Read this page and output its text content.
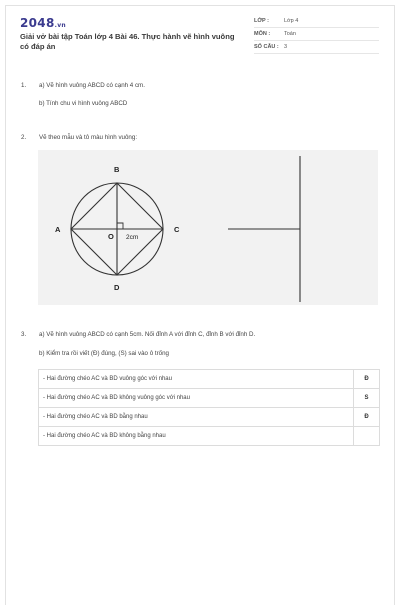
2048.vn
Giải vở bài tập Toán lớp 4 Bài 46. Thực hành vẽ hình vuông có đáp án
LỚP :	Lớp 4
MÔN :	Toán
SỐ CÂU : 3
1. a) Vẽ hình vuông ABCD có cạnh 4 cm.
b) Tính chu vi hình vuông ABCD
2. Vẽ theo mẫu và tô màu hình vuông:
B
A	C
D
O 2cm
3. a) Vẽ hình vuông ABCD có cạnh 5cm. Nối đỉnh A với đỉnh C, đỉnh B với đỉnh D.
b) Kiểm tra rồi viết (Đ) đúng, (S) sai vào ô trống
- Hai đường chéo AC và BD vuông góc với nhau	Đ
- Hai đường chéo AC và BD không vuông góc với nhau	S
- Hai đường chéo AC và BD bằng nhau	Đ
- Hai đường chéo AC và BD không bằng nhau
